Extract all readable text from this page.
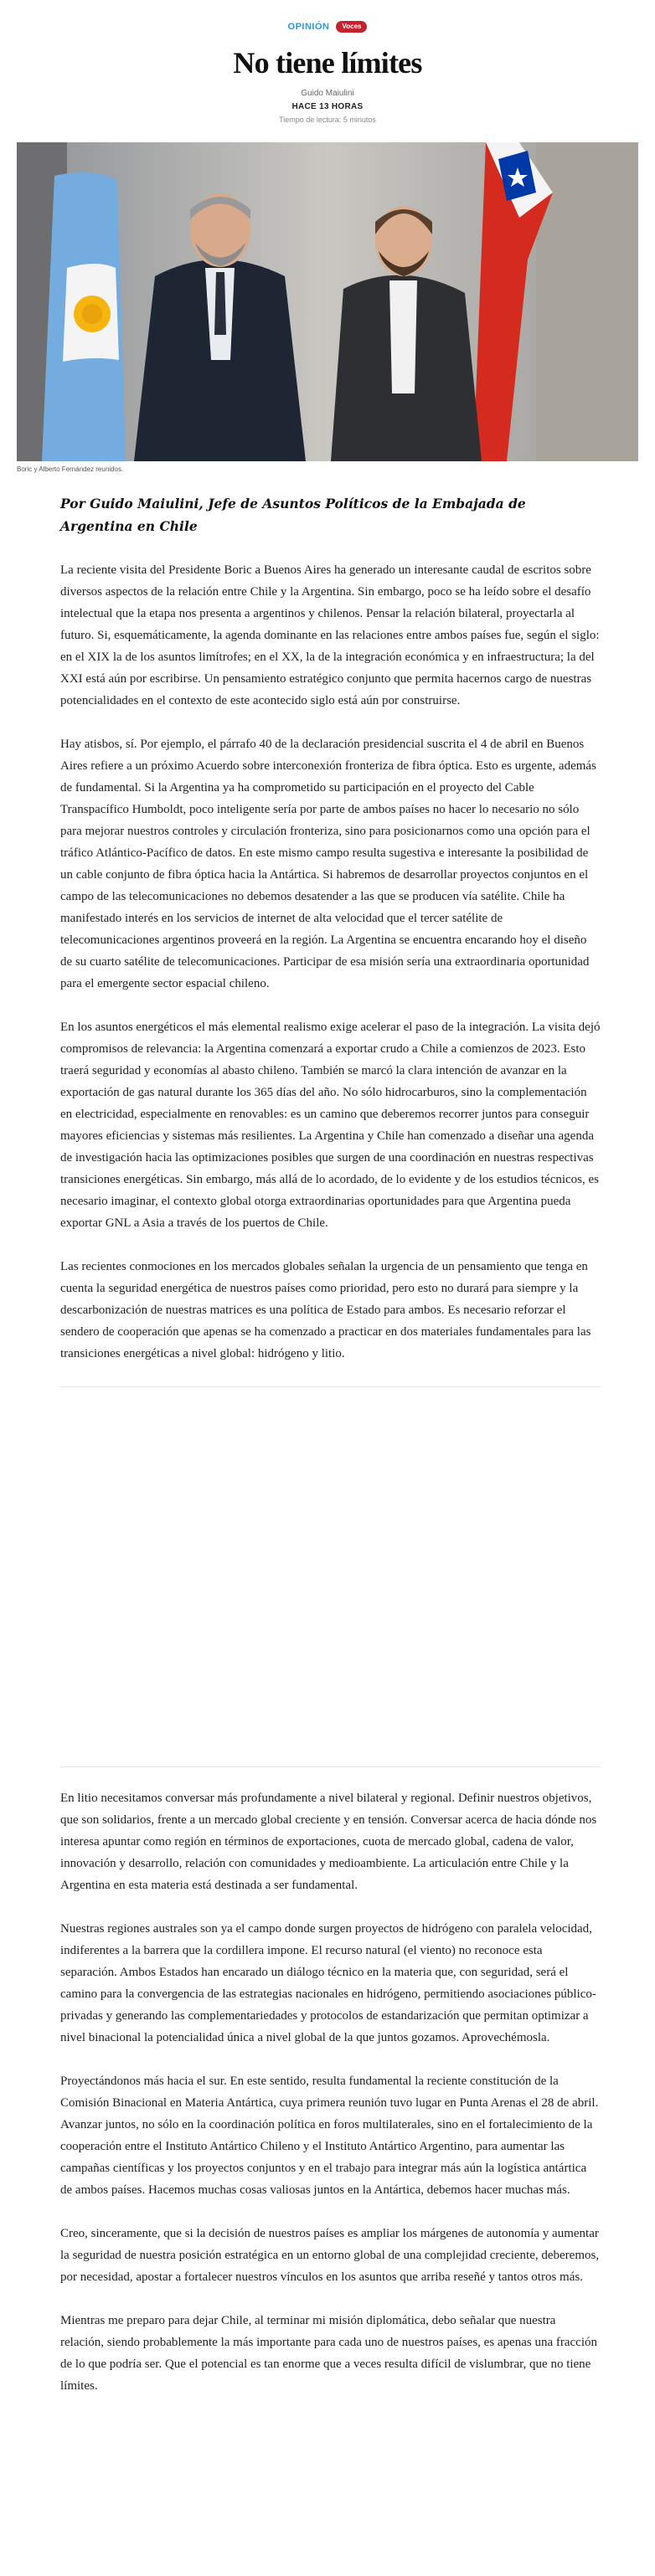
OPINIÓN	Voces
No tiene límites
Guido Maiulini
HACE 13 HORAS
Tiempo de lectura: 5 minutos
Boric y Alberto Fernández reunidos.

Por Guido Maiulini, Jefe de Asuntos Políticos de la Embajada de Argentina en Chile

La reciente visita del Presidente Boric a Buenos Aires ha generado un interesante caudal de escritos sobre diversos aspectos de la relación entre Chile y la Argentina. Sin embargo, poco se ha leído sobre el desafío intelectual que la etapa nos presenta a argentinos y chilenos. Pensar la relación bilateral, proyectarla al futuro. Si, esquemáticamente, la agenda dominante en las relaciones entre ambos países fue, según el siglo: en el XIX la de los asuntos limítrofes; en el XX, la de la integración económica y en infraestructura; la del XXI está aún por escribirse. Un pensamiento estratégico conjunto que permita hacernos cargo de nuestras potencialidades en el contexto de este acontecido siglo está aún por construirse.

Hay atisbos, sí. Por ejemplo, el párrafo 40 de la declaración presidencial suscrita el 4 de abril en Buenos Aires refiere a un próximo Acuerdo sobre interconexión fronteriza de fibra óptica. Esto es urgente, además de fundamental. Si la Argentina ya ha comprometido su participación en el proyecto del Cable Transpacífico Humboldt, poco inteligente sería por parte de ambos países no hacer lo necesario no sólo para mejorar nuestros controles y circulación fronteriza, sino para posicionarnos como una opción para el tráfico Atlántico-Pacífico de datos. En este mismo campo resulta sugestiva e interesante la posibilidad de un cable conjunto de fibra óptica hacia la Antártica. Si habremos de desarrollar proyectos conjuntos en el campo de las telecomunicaciones no debemos desatender a las que se producen vía satélite. Chile ha manifestado interés en los servicios de internet de alta velocidad que el tercer satélite de telecomunicaciones argentinos proveerá en la región. La Argentina se encuentra encarando hoy el diseño de su cuarto satélite de telecomunicaciones. Participar de esa misión sería una extraordinaria oportunidad para el emergente sector espacial chileno.

En los asuntos energéticos el más elemental realismo exige acelerar el paso de la integración. La visita dejó compromisos de relevancia: la Argentina comenzará a exportar crudo a Chile a comienzos de 2023. Esto traerá seguridad y economías al abasto chileno. También se marcó la clara intención de avanzar en la exportación de gas natural durante los 365 días del año. No sólo hidrocarburos, sino la complementación en electricidad, especialmente en renovables: es un camino que deberemos recorrer juntos para conseguir mayores eficiencias y sistemas más resilientes. La Argentina y Chile han comenzado a diseñar una agenda de investigación hacia las optimizaciones posibles que surgen de una coordinación en nuestras respectivas transiciones energéticas. Sin embargo, más allá de lo acordado, de lo evidente y de los estudios técnicos, es necesario imaginar, el contexto global otorga extraordinarias oportunidades para que Argentina pueda exportar GNL a Asia a través de los puertos de Chile.

Las recientes conmociones en los mercados globales señalan la urgencia de un pensamiento que tenga en cuenta la seguridad energética de nuestros países como prioridad, pero esto no durará para siempre y la descarbonización de nuestras matrices es una política de Estado para ambos. Es necesario reforzar el sendero de cooperación que apenas se ha comenzado a practicar en dos materiales fundamentales para las transiciones energéticas a nivel global: hidrógeno y litio.

En litio necesitamos conversar más profundamente a nivel bilateral y regional. Definir nuestros objetivos, que son solidarios, frente a un mercado global creciente y en tensión. Conversar acerca de hacia dónde nos interesa apuntar como región en términos de exportaciones, cuota de mercado global, cadena de valor, innovación y desarrollo, relación con comunidades y medioambiente. La articulación entre Chile y la Argentina en esta materia está destinada a ser fundamental.

Nuestras regiones australes son ya el campo donde surgen proyectos de hidrógeno con paralela velocidad, indiferentes a la barrera que la cordillera impone. El recurso natural (el viento) no reconoce esta separación. Ambos Estados han encarado un diálogo técnico en la materia que, con seguridad, será el camino para la convergencia de las estrategias nacionales en hidrógeno, permitiendo asociaciones público-privadas y generando las complementariedades y protocolos de estandarización que permitan optimizar a nivel binacional la potencialidad única a nivel global de la que juntos gozamos. Aprovechémosla.

Proyectándonos más hacia el sur. En este sentido, resulta fundamental la reciente constitución de la Comisión Binacional en Materia Antártica, cuya primera reunión tuvo lugar en Punta Arenas el 28 de abril. Avanzar juntos, no sólo en la coordinación política en foros multilaterales, sino en el fortalecimiento de la cooperación entre el Instituto Antártico Chileno y el Instituto Antártico Argentino, para aumentar las campañas científicas y los proyectos conjuntos y en el trabajo para integrar más aún la logística antártica de ambos países. Hacemos muchas cosas valiosas juntos en la Antártica, debemos hacer muchas más.

Creo, sinceramente, que si la decisión de nuestros países es ampliar los márgenes de autonomía y aumentar la seguridad de nuestra posición estratégica en un entorno global de una complejidad creciente, deberemos, por necesidad, apostar a fortalecer nuestros vínculos en los asuntos que arriba reseñé y tantos otros más.

Mientras me preparo para dejar Chile, al terminar mi misión diplomática, debo señalar que nuestra relación, siendo probablemente la más importante para cada uno de nuestros países, es apenas una fracción de lo que podría ser. Que el potencial es tan enorme que a veces resulta difícil de vislumbrar, que no tiene límites.
